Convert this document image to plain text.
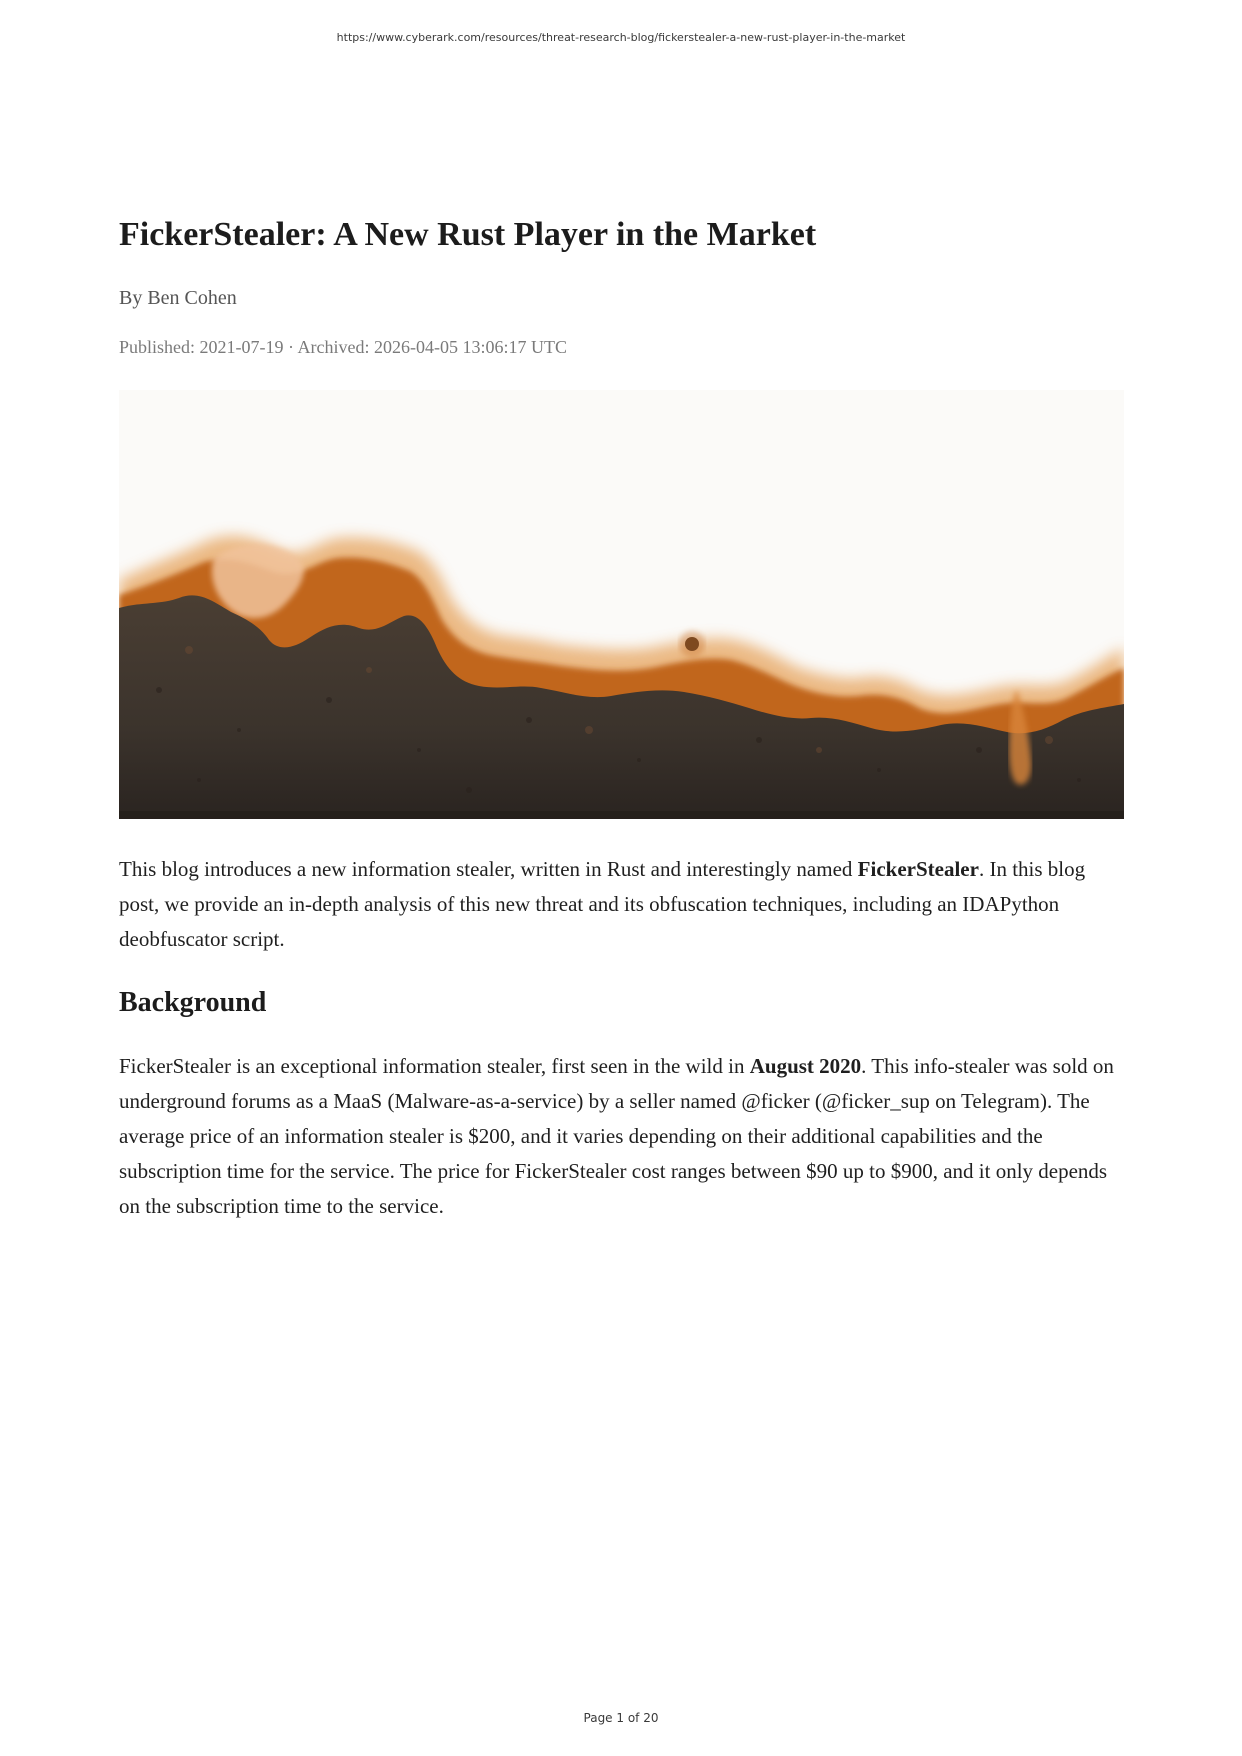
https://www.cyberark.com/resources/threat-research-blog/fickerstealer-a-new-rust-player-in-the-market
FickerStealer: A New Rust Player in the Market
By Ben Cohen
Published: 2021-07-19 · Archived: 2026-04-05 13:06:17 UTC

This blog introduces a new information stealer, written in Rust and interestingly named FickerStealer. In this blog post, we provide an in-depth analysis of this new threat and its obfuscation techniques, including an IDAPython deobfuscator script.

Background

FickerStealer is an exceptional information stealer, first seen in the wild in August 2020. This info-stealer was sold on underground forums as a MaaS (Malware-as-a-service) by a seller named @ficker (@ficker_sup on Telegram). The average price of an information stealer is $200, and it varies depending on their additional capabilities and the subscription time for the service. The price for FickerStealer cost ranges between $90 up to $900, and it only depends on the subscription time to the service.

Page 1 of 20
